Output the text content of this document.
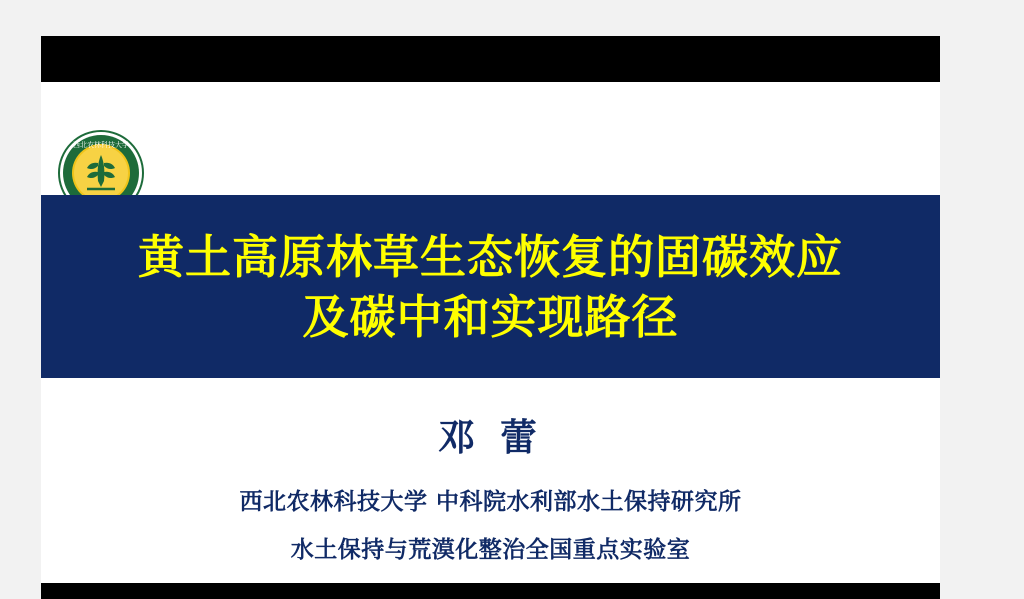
西北农林科技大学
黄土高原林草生态恢复的固碳效应
及碳中和实现路径
邓 蕾
西北农林科技大学 中科院水利部水土保持研究所
水土保持与荒漠化整治全国重点实验室
